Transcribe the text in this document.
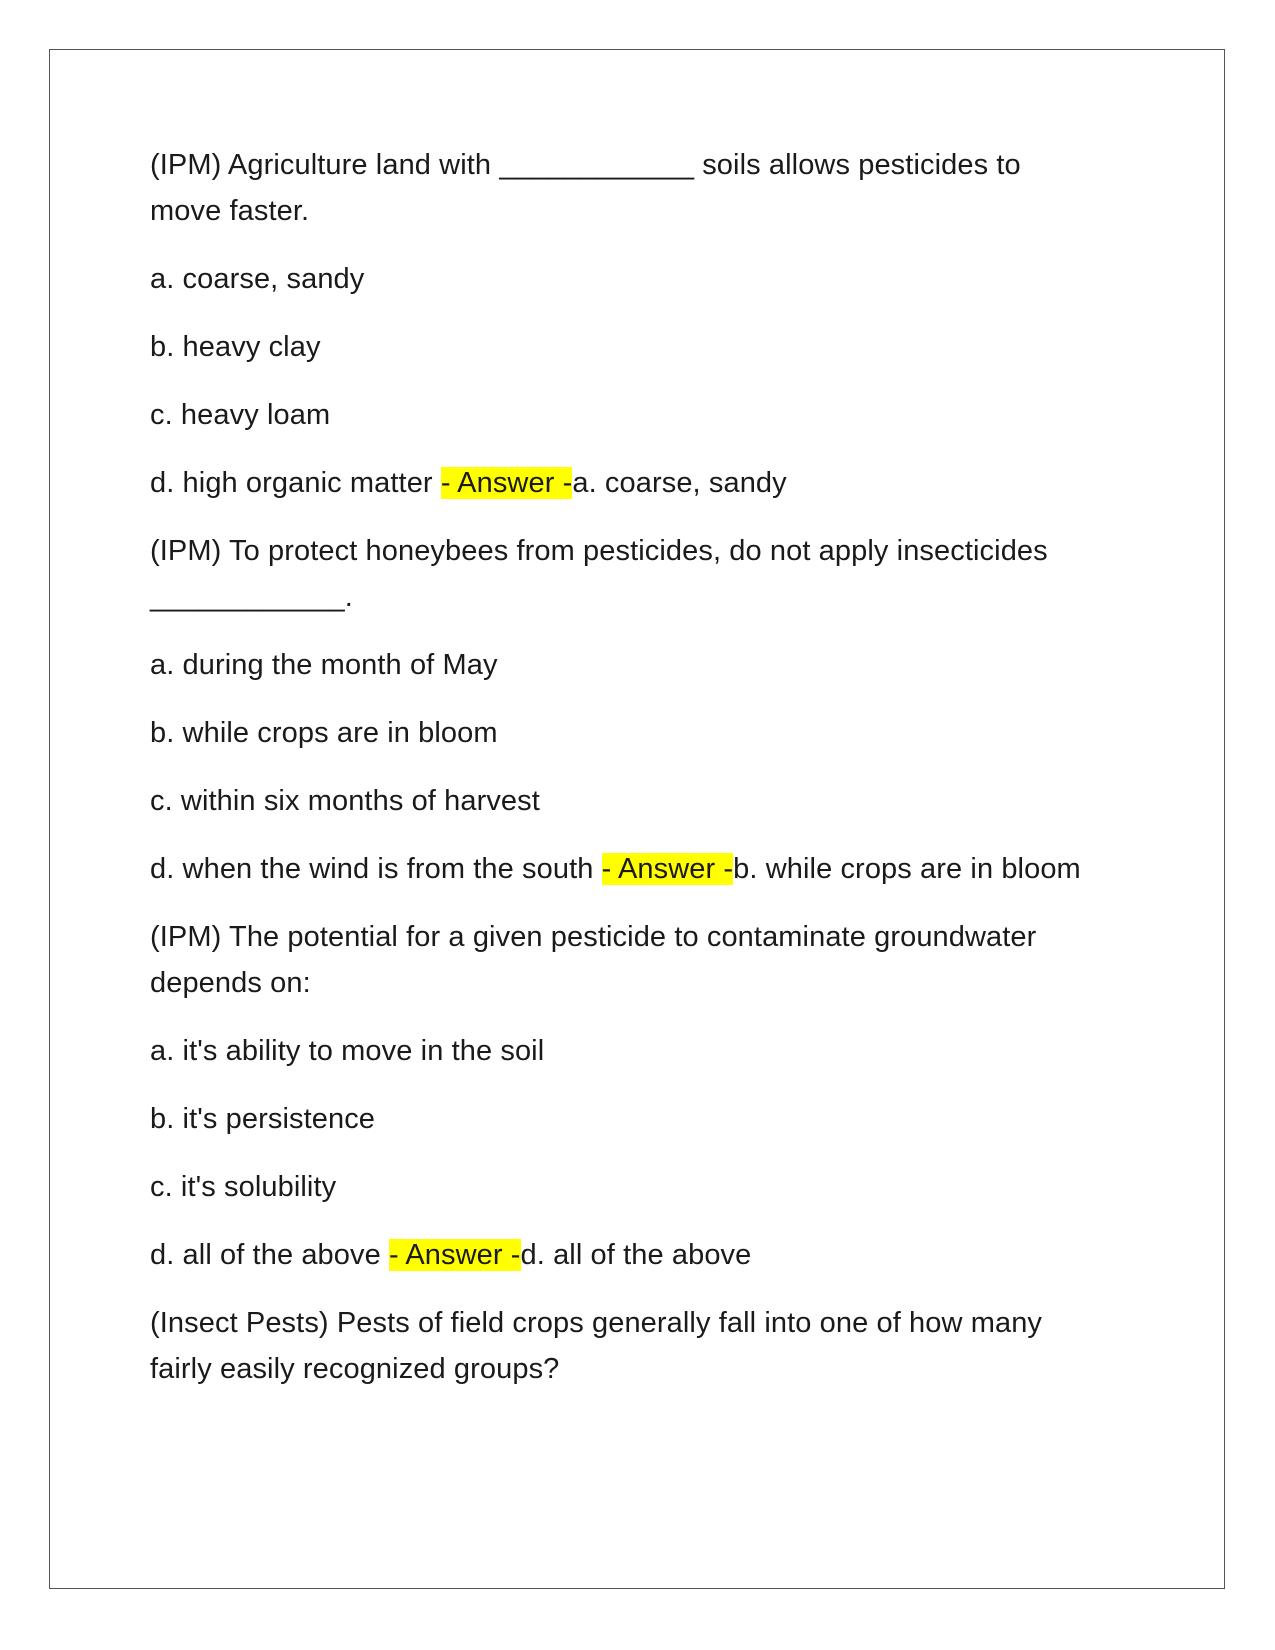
(IPM) Agriculture land with ____________ soils allows pesticides to move faster.

a. coarse, sandy

b. heavy clay

c. heavy loam

d. high organic matter - Answer -a. coarse, sandy

(IPM) To protect honeybees from pesticides, do not apply insecticides ____________.

a. during the month of May

b. while crops are in bloom

c. within six months of harvest

d. when the wind is from the south - Answer -b. while crops are in bloom

(IPM) The potential for a given pesticide to contaminate groundwater depends on:

a. it's ability to move in the soil

b. it's persistence

c. it's solubility

d. all of the above - Answer -d. all of the above

(Insect Pests) Pests of field crops generally fall into one of how many fairly easily recognized groups?
